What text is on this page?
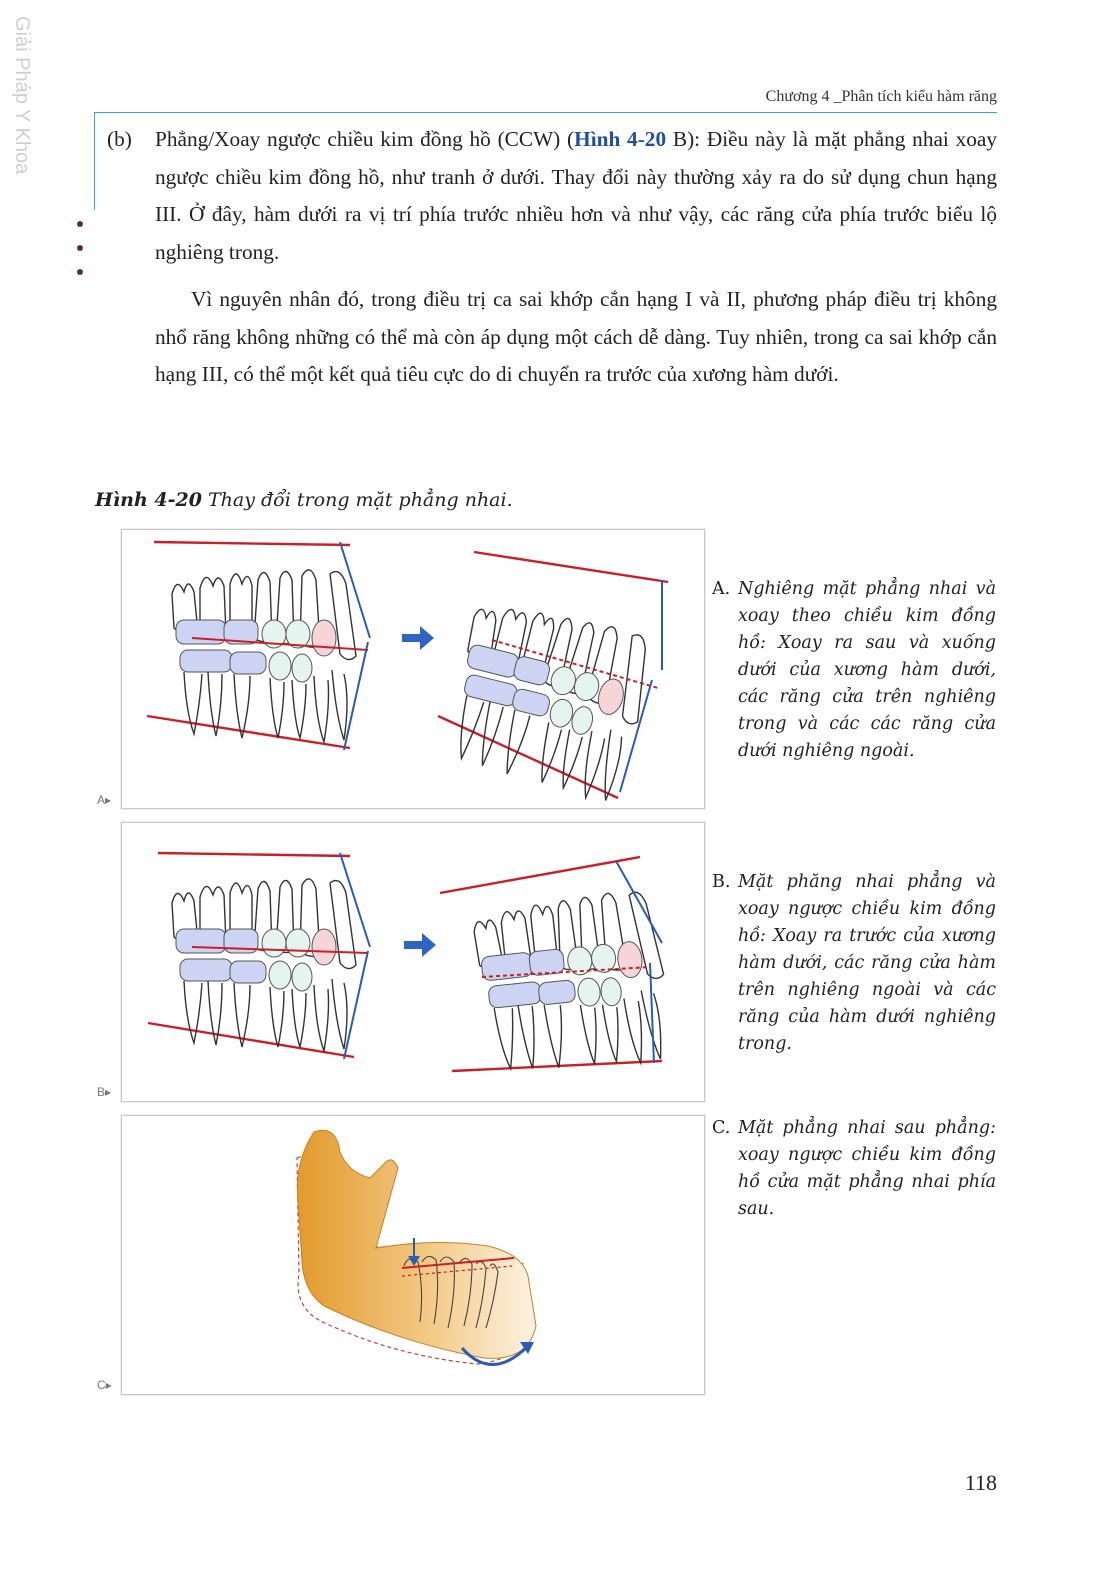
Giải Pháp Y Khoa	Chương 4 _Phân tích kiểu hàm răng
(b) Phẳng/Xoay ngược chiều kim đồng hồ (CCW) (Hình 4-20 B): Điều này là mặt phẳng nhai xoay ngược chiều kim đồng hồ, như tranh ở dưới. Thay đổi này thường xảy ra do sử dụng chun hạng III. Ở đây, hàm dưới ra vị trí phía trước nhiều hơn và như vậy, các răng cửa phía trước biểu lộ nghiêng trong.
Vì nguyên nhân đó, trong điều trị ca sai khớp cắn hạng I và II, phương pháp điều trị không nhổ răng không những có thể mà còn áp dụng một cách dễ dàng. Tuy nhiên, trong ca sai khớp cắn hạng III, có thể một kết quả tiêu cực do di chuyển ra trước của xương hàm dưới.
Hình 4-20 Thay đổi trong mặt phẳng nhai.
A▸
B▸
C▸
A. Nghiêng mặt phẳng nhai và xoay theo chiều kim đồng hồ: Xoay ra sau và xuống dưới của xương hàm dưới, các răng cửa trên nghiêng trong và các các răng cửa dưới nghiêng ngoài.
B. Mặt phăng nhai phẳng và xoay ngược chiều kim đồng hồ: Xoay ra trước của xương hàm dưới, các răng cửa hàm trên nghiêng ngoài và các răng của hàm dưới nghiêng trong.
C. Mặt phẳng nhai sau phẳng: xoay ngược chiều kim đồng hồ cửa mặt phẳng nhai phía sau.
118
